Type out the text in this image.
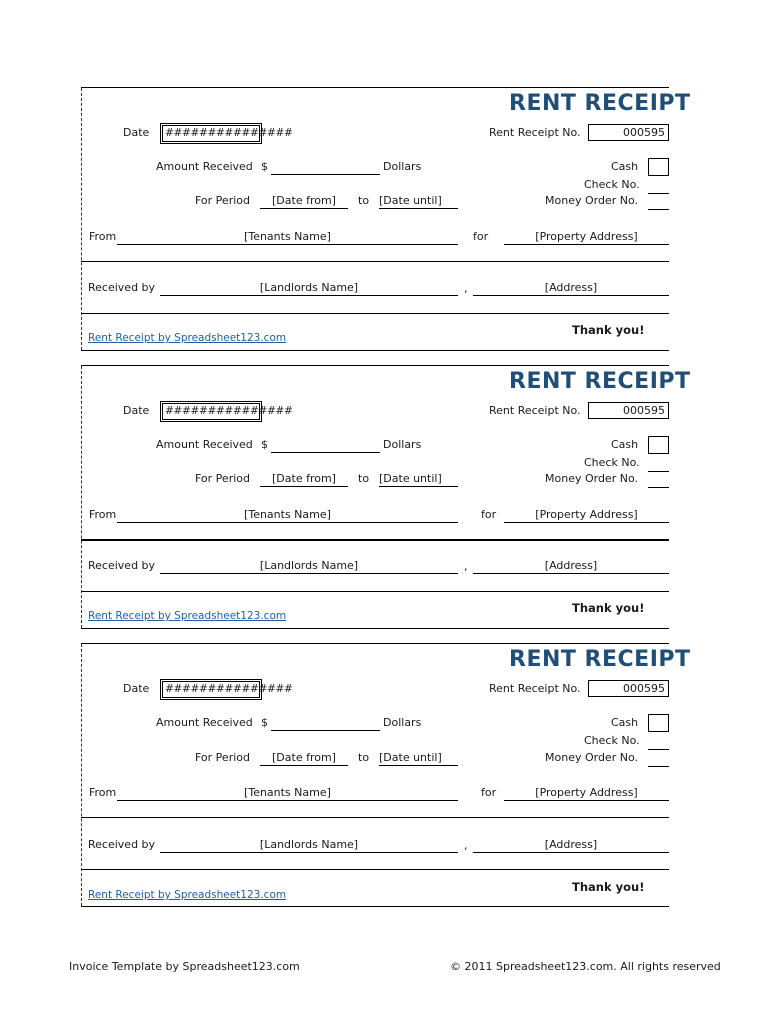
RENT RECEIPT
Date ###############	Rent Receipt No.	000595
Amount Received $	Dollars	Cash
Check No.
For Period	[Date from]	to [Date until]	Money Order No.
From	[Tenants Name]	for	[Property Address]
Received by	[Landlords Name]	,	[Address]
Rent Receipt by Spreadsheet123.com
Thank you!
RENT RECEIPT
Date ###############	Rent Receipt No.	000595
Amount Received $	Dollars	Cash
Check No.
For Period	[Date from]	to [Date until]	Money Order No.
From	[Tenants Name]	for	[Property Address]
Received by	[Landlords Name]	,	[Address]
Rent Receipt by Spreadsheet123.com
Thank you!
RENT RECEIPT
Date ###############	Rent Receipt No.	000595
Amount Received $	Dollars	Cash
Check No.
For Period	[Date from]	to [Date until]	Money Order No.
From	[Tenants Name]	for	[Property Address]
Received by	[Landlords Name]	,	[Address]
Rent Receipt by Spreadsheet123.com
Thank you!
Invoice Template by Spreadsheet123.com	© 2011 Spreadsheet123.com. All rights reserved
